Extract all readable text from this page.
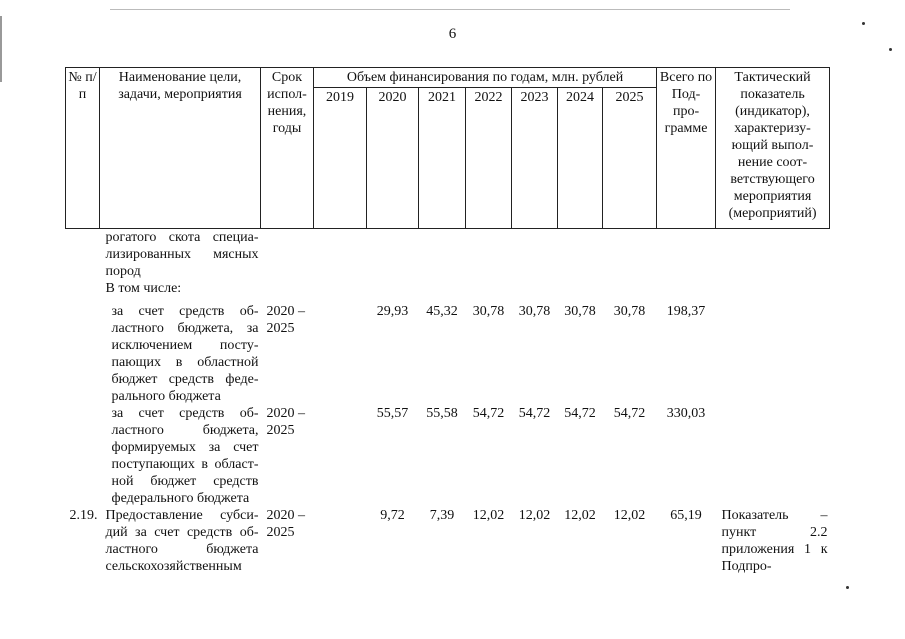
6
№ п/п	Наименование цели, задачи, мероприятия	Срок испол-нения, годы	Объем финансирования по годам, млн. рублей							Всего по Под-про-грамме	Тактический показатель (индикатор), характеризу-ющий выпол-нение соот-ветствующего мероприятия (мероприятий)
			2019	2020	2021	2022	2023	2024	2025		
	рогатого скота специа-лизированных мясных пород										
	В том числе:										
	за счет средств об-ластного бюджета, за исключением посту-пающих в областной бюджет средств феде-рального бюджета	2020 – 2025		29,93	45,32	30,78	30,78	30,78	30,78	198,37	
	за счет средств об-ластного бюджета, формируемых за счет поступающих в област-ной бюджет средств федерального бюджета	2020 – 2025		55,57	55,58	54,72	54,72	54,72	54,72	330,03	
2.19.	Предоставление субси-дий за счет средств об-ластного бюджета сельскохозяйственным	2020 – 2025		9,72	7,39	12,02	12,02	12,02	12,02	65,19	Показатель – пункт 2.2 приложения 1 к Подпро-
